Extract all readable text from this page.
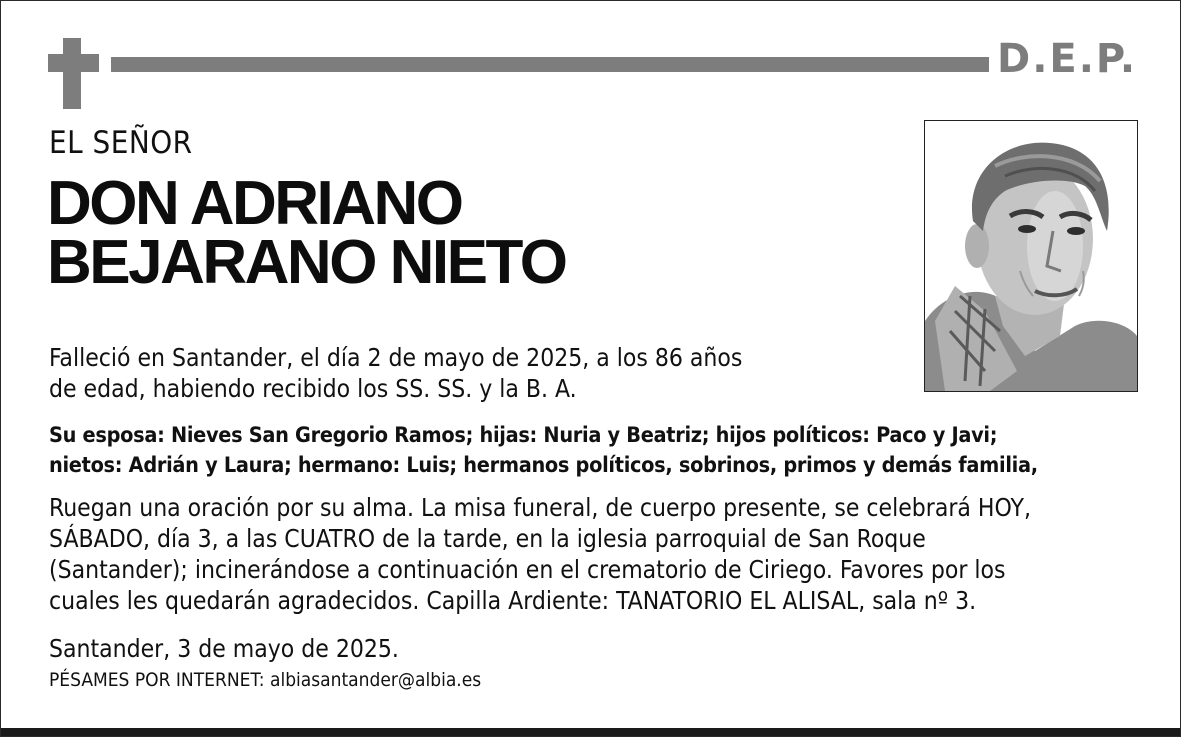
D.E.P.
EL SEÑOR
DON ADRIANO
BEJARANO NIETO
Falleció en Santander, el día 2 de mayo de 2025, a los 86 años
de edad, habiendo recibido los SS. SS. y la B. A.
Su esposa: Nieves San Gregorio Ramos; hijas: Nuria y Beatriz; hijos políticos: Paco y Javi;
nietos: Adrián y Laura; hermano: Luis; hermanos políticos, sobrinos, primos y demás familia,
Ruegan una oración por su alma. La misa funeral, de cuerpo presente, se celebrará HOY,
SÁBADO, día 3, a las CUATRO de la tarde, en la iglesia parroquial de San Roque
(Santander); incinerándose a continuación en el crematorio de Ciriego. Favores por los
cuales les quedarán agradecidos. Capilla Ardiente: TANATORIO EL ALISAL, sala nº 3.
Santander, 3 de mayo de 2025.
PÉSAMES POR INTERNET: albiasantander@albia.es
